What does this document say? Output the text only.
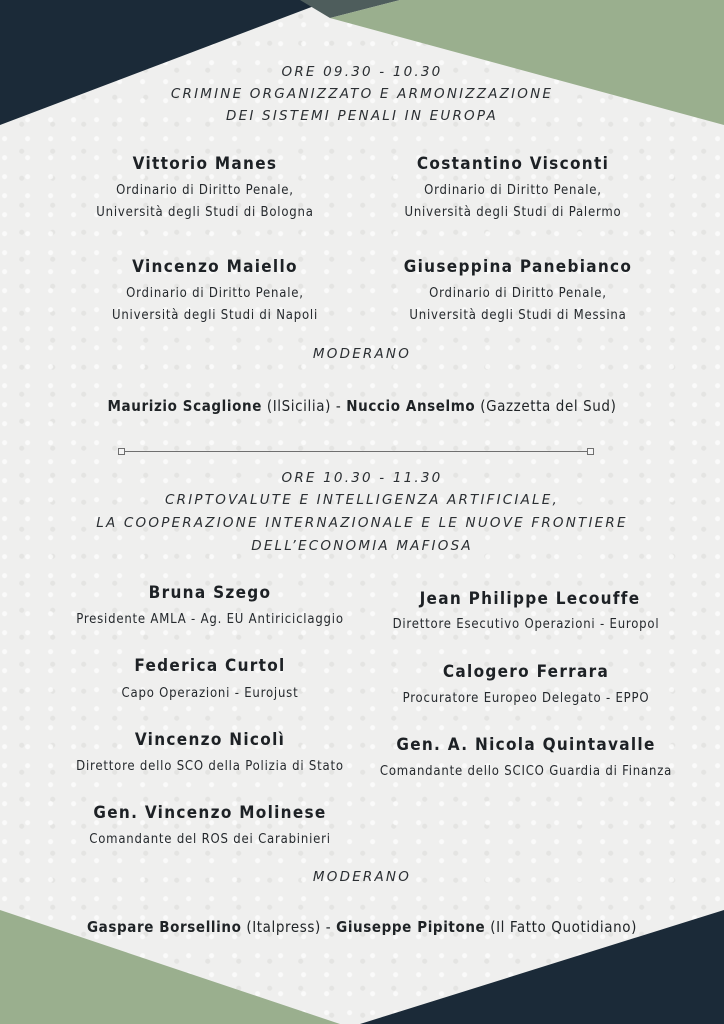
ORE 09.30 - 10.30
CRIMINE ORGANIZZATO E ARMONIZZAZIONE
DEI SISTEMI PENALI IN EUROPA
Vittorio Manes
Ordinario di Diritto Penale,
Università degli Studi di Bologna
Costantino Visconti
Ordinario di Diritto Penale,
Università degli Studi di Palermo
Vincenzo Maiello
Ordinario di Diritto Penale,
Università degli Studi di Napoli
Giuseppina Panebianco
Ordinario di Diritto Penale,
Università degli Studi di Messina
MODERANO
Maurizio Scaglione (IlSicilia) - Nuccio Anselmo (Gazzetta del Sud)
ORE 10.30 - 11.30
CRIPTOVALUTE E INTELLIGENZA ARTIFICIALE,
LA COOPERAZIONE INTERNAZIONALE E LE NUOVE FRONTIERE
DELL’ECONOMIA MAFIOSA
Bruna Szego
Presidente AMLA - Ag. EU Antiriciclaggio
Jean Philippe Lecouffe
Direttore Esecutivo Operazioni - Europol
Federica Curtol
Capo Operazioni - Eurojust
Calogero Ferrara
Procuratore Europeo Delegato - EPPO
Vincenzo Nicolì
Direttore dello SCO della Polizia di Stato
Gen. A. Nicola Quintavalle
Comandante dello SCICO Guardia di Finanza
Gen. Vincenzo Molinese
Comandante del ROS dei Carabinieri
MODERANO
Gaspare Borsellino (Italpress) - Giuseppe Pipitone (Il Fatto Quotidiano)
